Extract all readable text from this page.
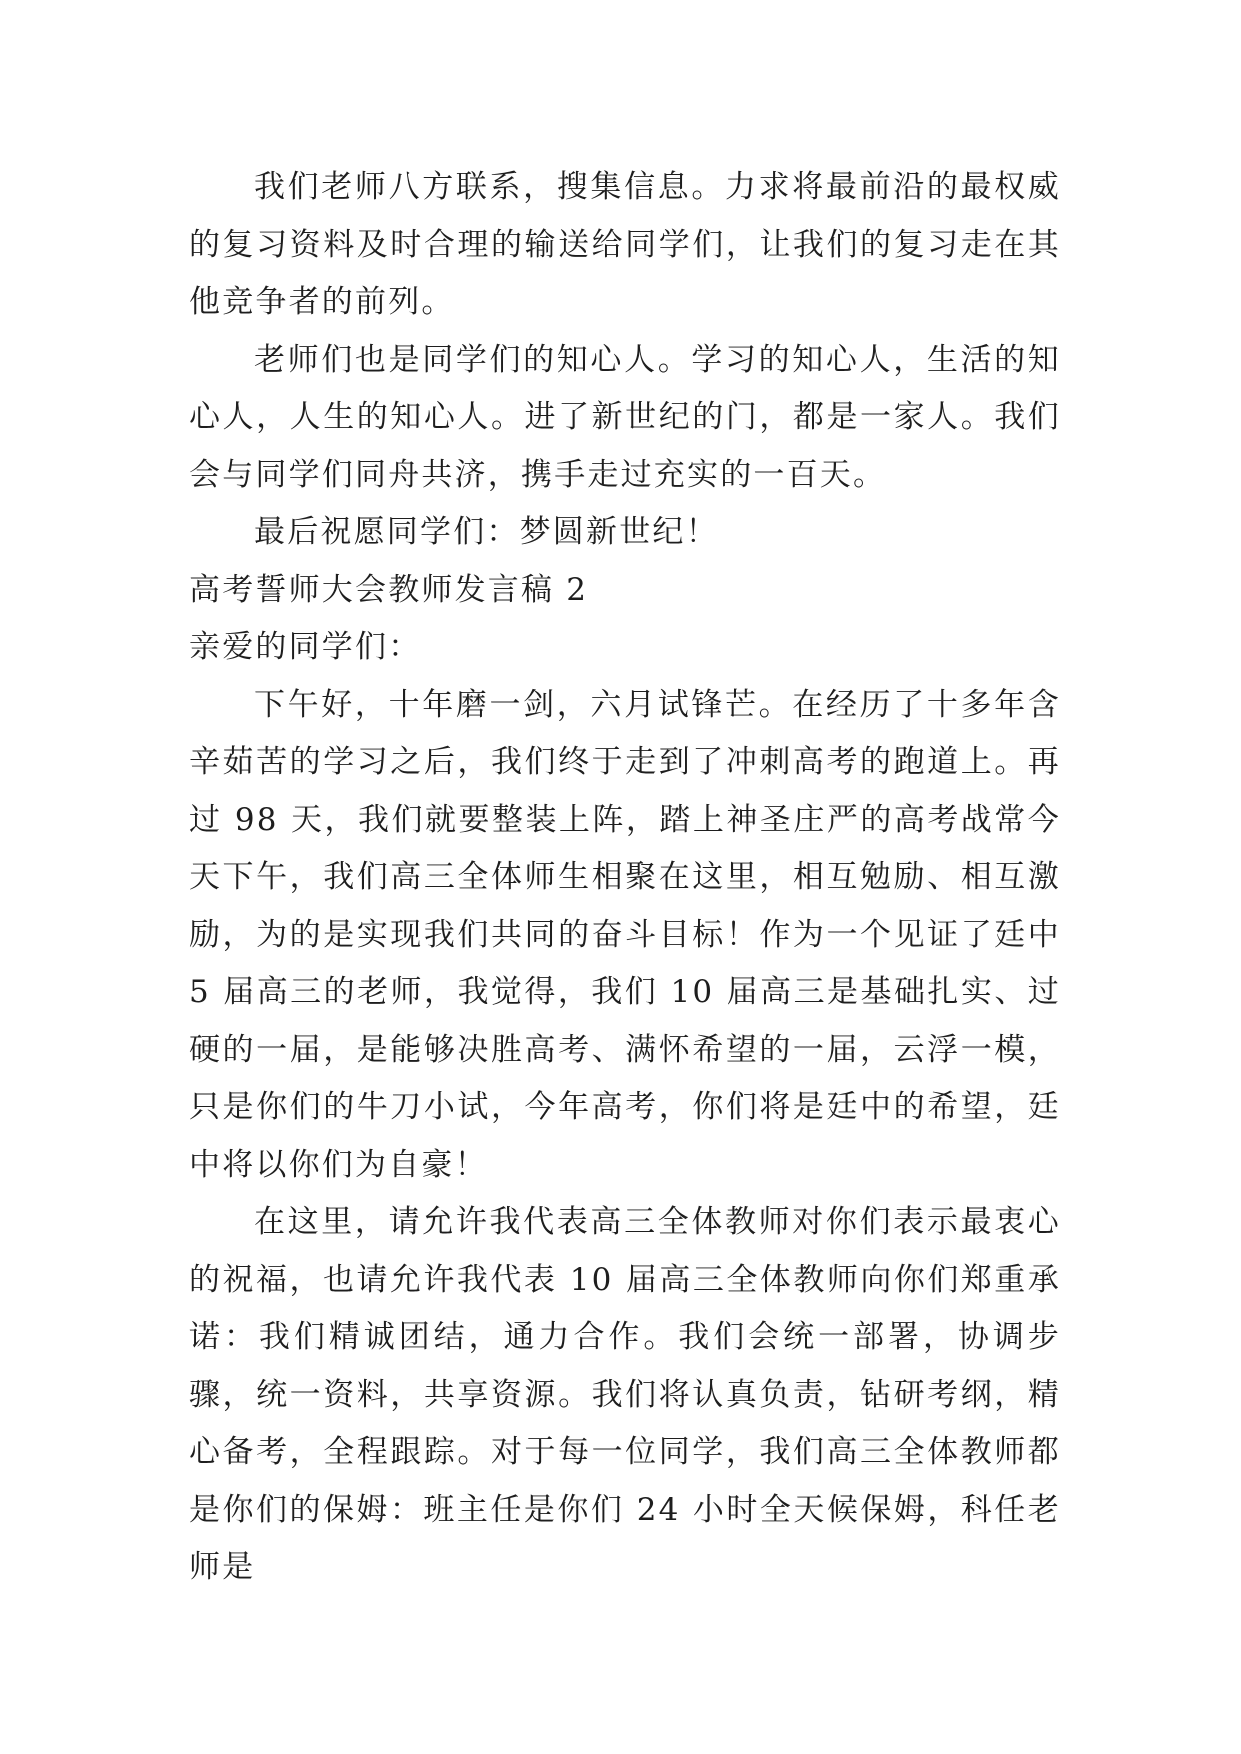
我们老师八方联系，搜集信息。力求将最前沿的最权威的复习资料及时合理的输送给同学们，让我们的复习走在其他竞争者的前列。

老师们也是同学们的知心人。学习的知心人，生活的知心人，人生的知心人。进了新世纪的门，都是一家人。我们会与同学们同舟共济，携手走过充实的一百天。

最后祝愿同学们：梦圆新世纪！

高考誓师大会教师发言稿 2

亲爱的同学们：

下午好，十年磨一剑，六月试锋芒。在经历了十多年含辛茹苦的学习之后，我们终于走到了冲刺高考的跑道上。再过 98 天，我们就要整装上阵，踏上神圣庄严的高考战常今天下午，我们高三全体师生相聚在这里，相互勉励、相互激励，为的是实现我们共同的奋斗目标！作为一个见证了廷中 5 届高三的老师，我觉得，我们 10 届高三是基础扎实、过硬的一届，是能够决胜高考、满怀希望的一届，云浮一模，只是你们的牛刀小试，今年高考，你们将是廷中的希望，廷中将以你们为自豪！

在这里，请允许我代表高三全体教师对你们表示最衷心的祝福，也请允许我代表 10 届高三全体教师向你们郑重承诺：我们精诚团结，通力合作。我们会统一部署，协调步骤，统一资料，共享资源。我们将认真负责，钻研考纲，精心备考，全程跟踪。对于每一位同学，我们高三全体教师都是你们的保姆：班主任是你们 24 小时全天候保姆，科任老师是
